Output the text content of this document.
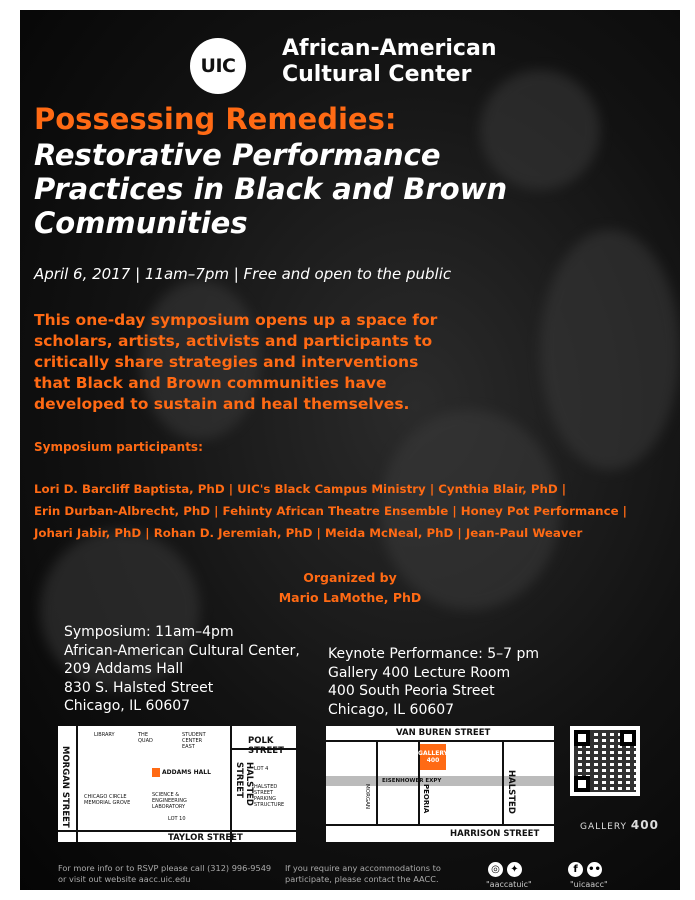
UIC
African-American
Cultural Center
Possessing Remedies:
Restorative Performance Practices in Black and Brown Communities
April 6, 2017 | 11am–7pm | Free and open to the public
This one-day symposium opens up a space for scholars, artists, activists and participants to critically share strategies and interventions that Black and Brown communities have developed to sustain and heal themselves.
Symposium participants:
Lori D. Barcliff Baptista, PhD | UIC's Black Campus Ministry | Cynthia Blair, PhD |
Erin Durban-Albrecht, PhD | Fehinty African Theatre Ensemble | Honey Pot Performance |
Johari Jabir, PhD | Rohan D. Jeremiah, PhD | Meida McNeal, PhD | Jean-Paul Weaver
Organized by
Mario LaMothe, PhD
Symposium: 11am–4pm
African-American Cultural Center,
209 Addams Hall
830 S. Halsted Street
Chicago, IL 60607
Keynote Performance: 5–7 pm
Gallery 400 Lecture Room
400 South Peoria Street
Chicago, IL 60607
MORGAN STREET	HALSTED STREET
POLK STREET
TAYLOR STREET
LIBRARY	THE QUAD
STUDENT CENTER EAST
ADDAMS HALL
SCIENCE & ENGINEERING LABORATORY
CHICAGO CIRCLE MEMORIAL GROVE
LOT 4
LOT 10
HALSTED STREET PARKING STRUCTURE
VAN BUREN STREET
HARRISON STREET
HALSTED
PEORIA
MORGAN
EISENHOWER EXPY
GALLERY 400
GALLERY 400
For more info or to RSVP please call (312) 996-9549 or visit out website aacc.uic.edu
If you require any accommodations to participate, please contact the AACC.
◎	✦
"aaccatuic"
f	••
"uicaacc"
